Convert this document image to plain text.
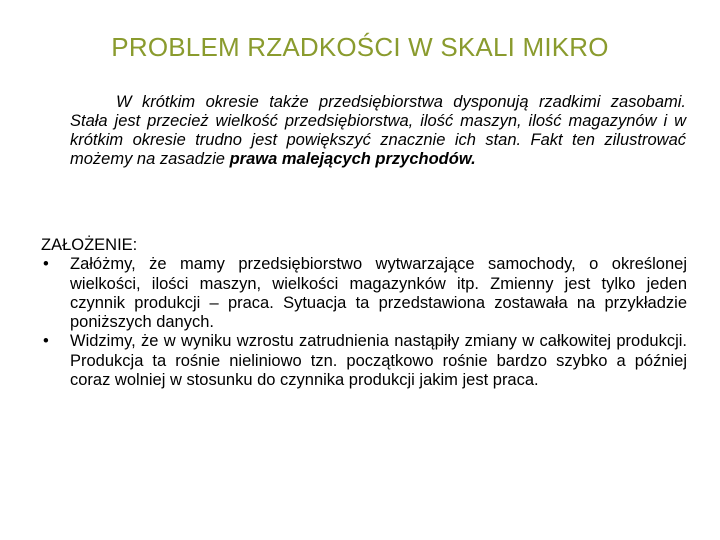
PROBLEM RZADKOŚCI W SKALI MIKRO
W krótkim okresie także przedsiębiorstwa dysponują rzadkimi zasobami. Stała jest przecież wielkość przedsiębiorstwa, ilość maszyn, ilość magazynów i w krótkim okresie trudno jest powiększyć znacznie ich stan. Fakt ten zilustrować możemy na zasadzie prawa malejących przychodów.
ZAŁOŻENIE:
• Załóżmy, że mamy przedsiębiorstwo wytwarzające samochody, o określonej wielkości, ilości maszyn, wielkości magazynków itp. Zmienny jest tylko jeden czynnik produkcji – praca. Sytuacja ta przedstawiona zostawała na przykładzie poniższych danych.
• Widzimy, że w wyniku wzrostu zatrudnienia nastąpiły zmiany w całkowitej produkcji. Produkcja ta rośnie nieliniowo tzn. początkowo rośnie bardzo szybko a później coraz wolniej w stosunku do czynnika produkcji jakim jest praca.
